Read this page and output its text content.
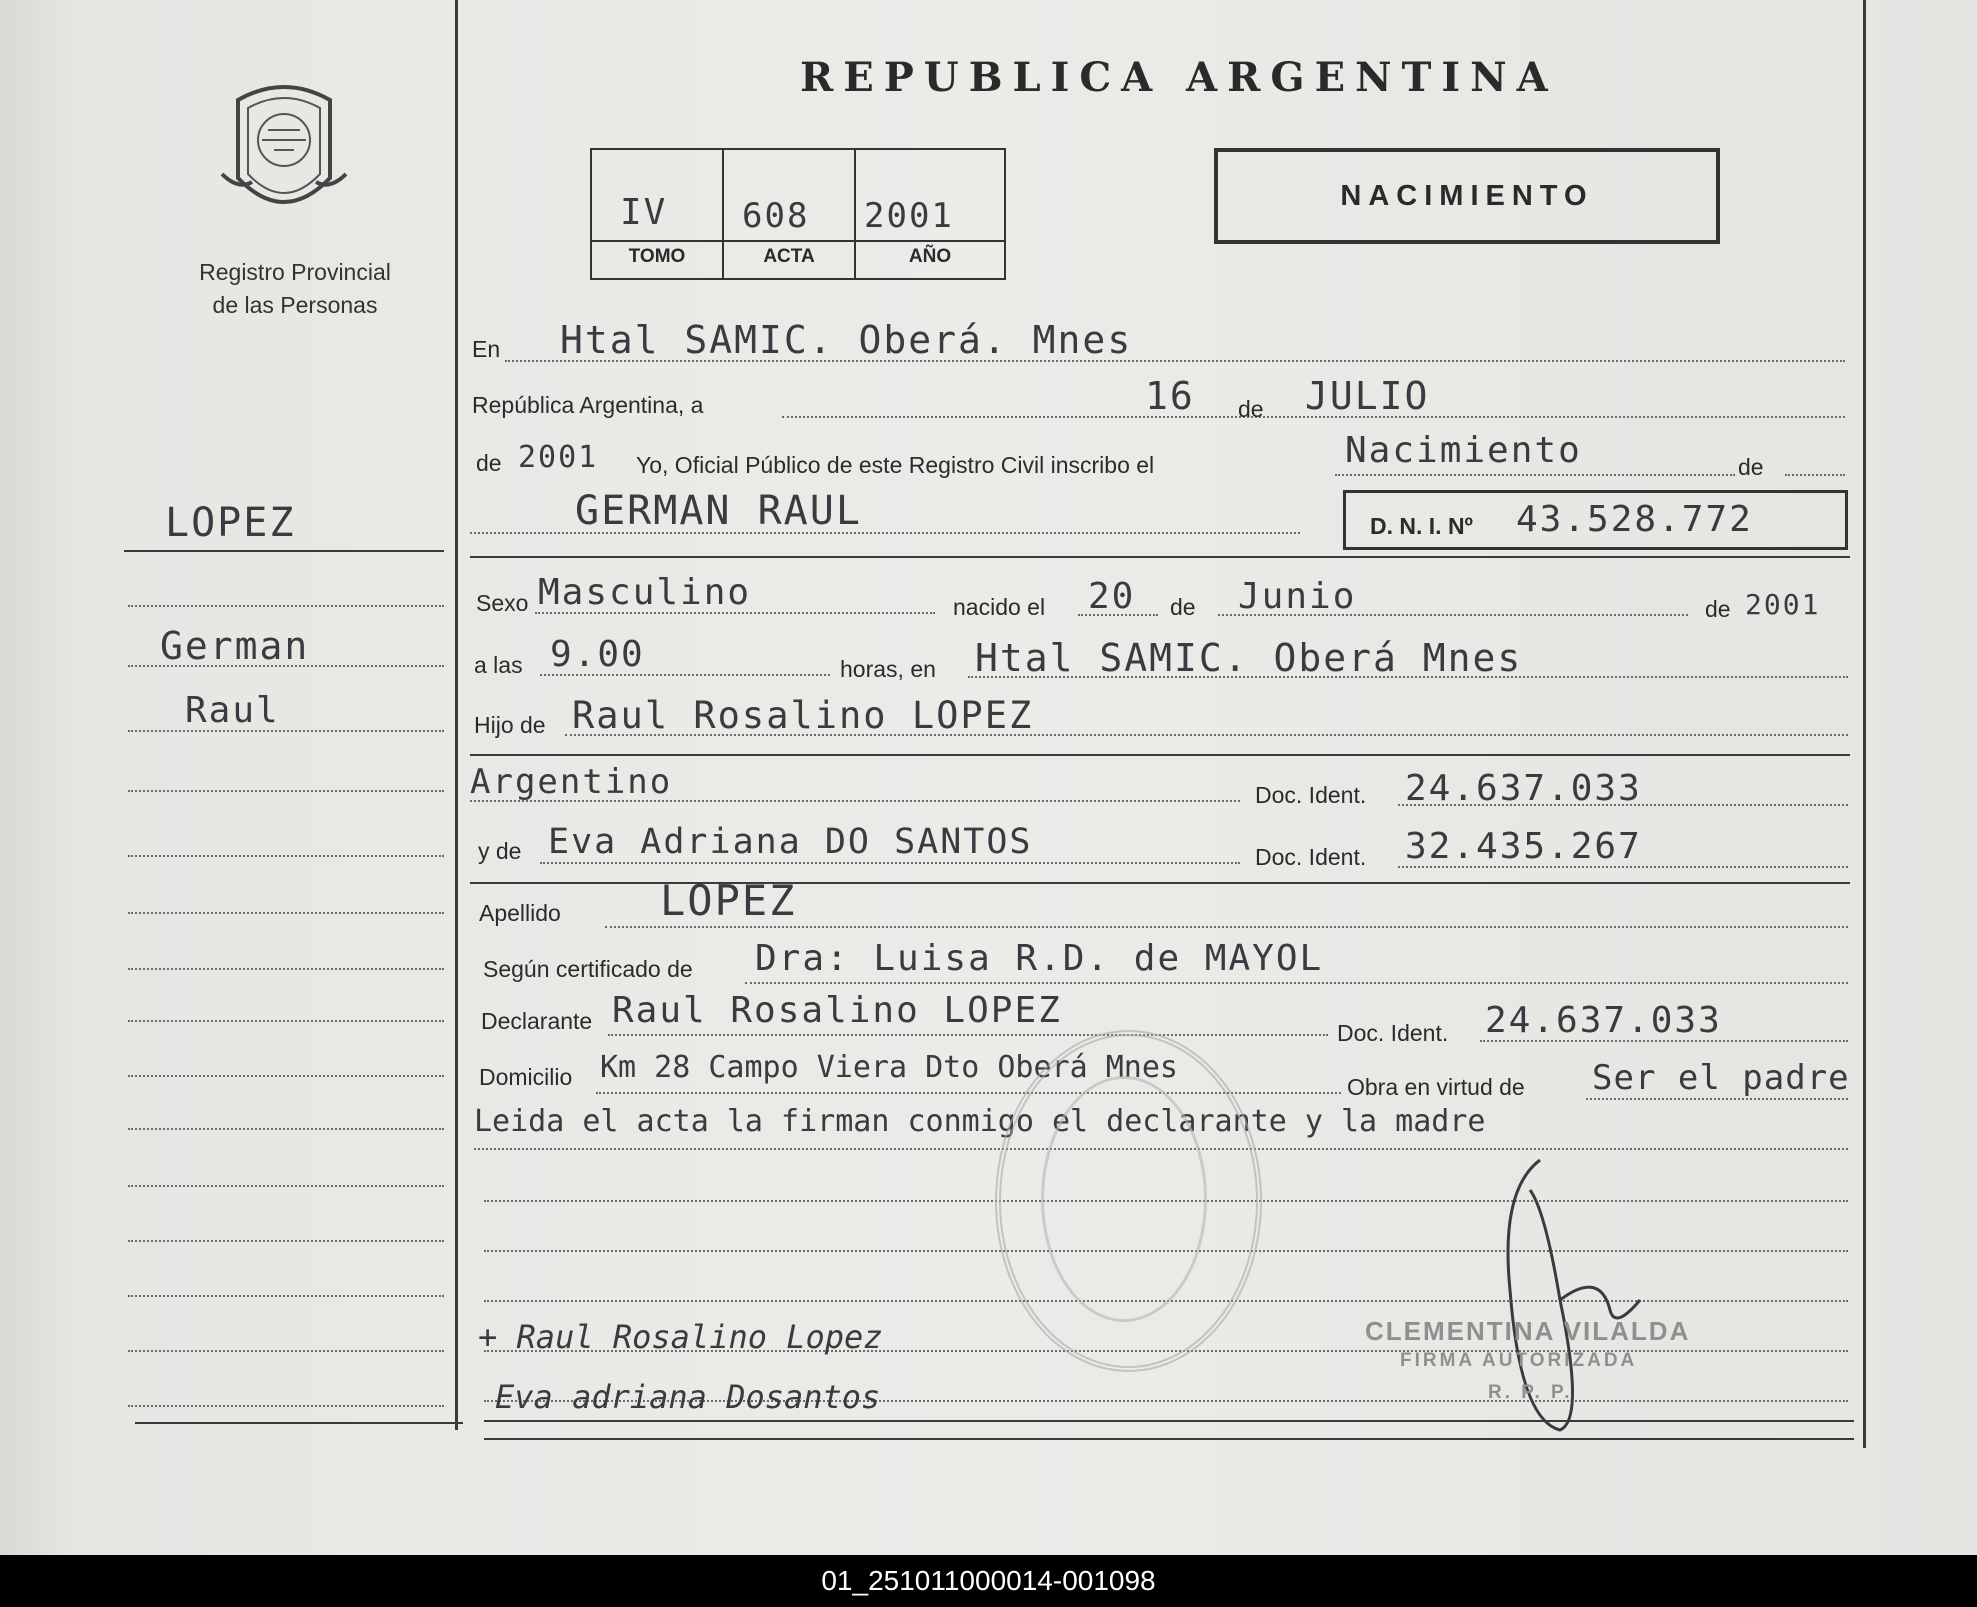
Registro Provincial
de las Personas
LOPEZ
German
Raul
REPUBLICA ARGENTINA
IV 608 2001
TOMO	ACTA	AÑO
NACIMIENTO
En Htal SAMIC. Oberá. Mnes
República Argentina, a	16 de JULIO
de 2001 Yo, Oficial Público de este Registro Civil inscribo el	Nacimiento	de
GERMAN RAUL	D. N. I. Nº 43.528.772
Sexo Masculino	nacido el 20 de Junio	de 2001
a las 9.00	horas, en Htal SAMIC. Oberá Mnes
Hijo de Raul Rosalino LOPEZ
Argentino	Doc. Ident. 24.637.033
y de Eva Adriana DO SANTOS	Doc. Ident. 32.435.267
Apellido LOPEZ
Según certificado de Dra: Luisa R.D. de MAYOL
Declarante Raul Rosalino LOPEZ
Doc. Ident. 24.637.033
Domicilio Km 28 Campo Viera Dto Oberá Mnes
Obra en virtud de Ser el padre
Leida el acta la firman conmigo el declarante y la madre
+ Raul Rosalino Lopez
Eva adriana Dosantos
CLEMENTINA VILALDA
FIRMA AUTORIZADA
R. P. P.
01_251011000014-001098
